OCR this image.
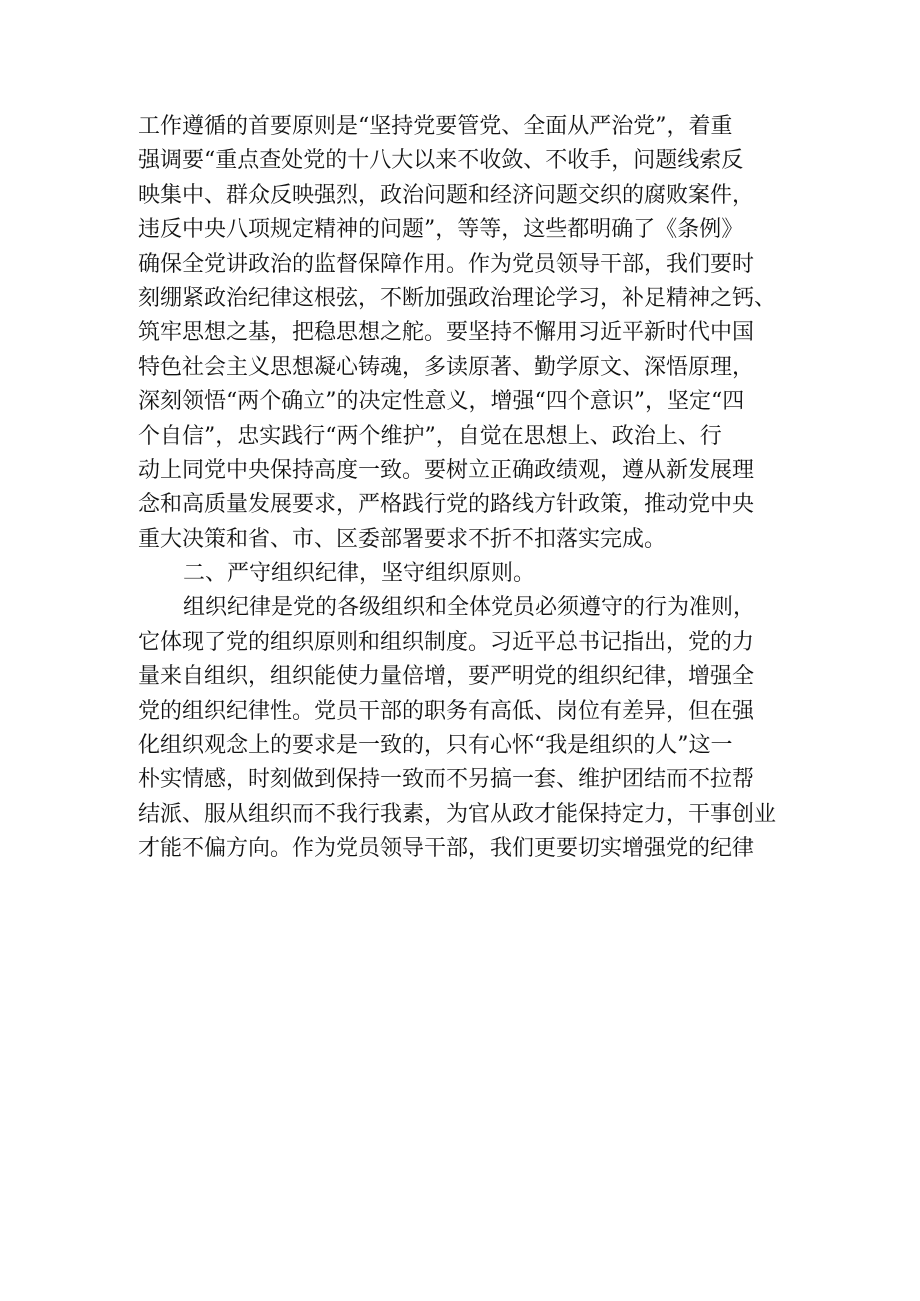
工作遵循的首要原则是“坚持党要管党、全面从严治党”，着重
强调要“重点查处党的十八大以来不收敛、不收手，问题线索反
映集中、群众反映强烈，政治问题和经济问题交织的腐败案件，
违反中央八项规定精神的问题”，等等，这些都明确了《条例》
确保全党讲政治的监督保障作用。作为党员领导干部，我们要时
刻绷紧政治纪律这根弦，不断加强政治理论学习，补足精神之钙、
筑牢思想之基，把稳思想之舵。要坚持不懈用习近平新时代中国
特色社会主义思想凝心铸魂，多读原著、勤学原文、深悟原理，
深刻领悟“两个确立”的决定性意义，增强“四个意识”，坚定“四
个自信”，忠实践行“两个维护”，自觉在思想上、政治上、行
动上同党中央保持高度一致。要树立正确政绩观，遵从新发展理
念和高质量发展要求，严格践行党的路线方针政策，推动党中央
重大决策和省、市、区委部署要求不折不扣落实完成。
二、严守组织纪律，坚守组织原则。
组织纪律是党的各级组织和全体党员必须遵守的行为准则，
它体现了党的组织原则和组织制度。习近平总书记指出，党的力
量来自组织，组织能使力量倍增，要严明党的组织纪律，增强全
党的组织纪律性。党员干部的职务有高低、岗位有差异，但在强
化组织观念上的要求是一致的，只有心怀“我是组织的人”这一
朴实情感，时刻做到保持一致而不另搞一套、维护团结而不拉帮
结派、服从组织而不我行我素，为官从政才能保持定力，干事创业
才能不偏方向。作为党员领导干部，我们更要切实增强党的纪律
